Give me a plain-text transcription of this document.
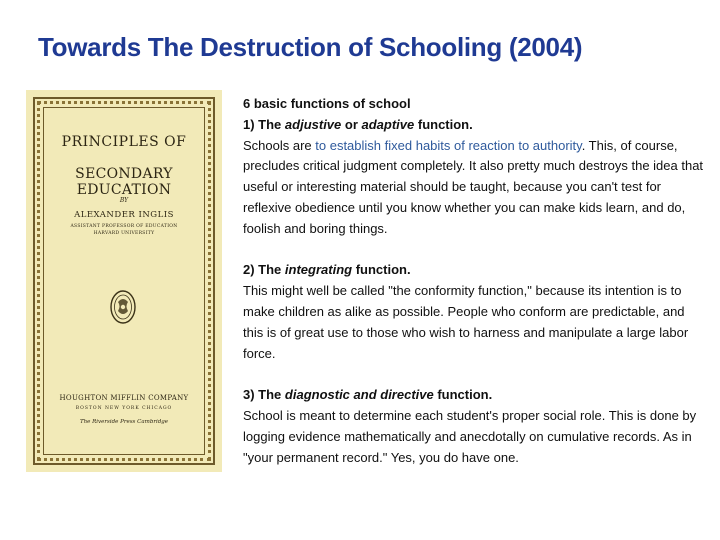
Towards The Destruction of Schooling (2004)
PRINCIPLES OF
SECONDARY EDUCATION
BY
ALEXANDER INGLIS
ASSISTANT PROFESSOR OF EDUCATION
HARVARD UNIVERSITY
HOUGHTON MIFFLIN COMPANY
BOSTON NEW YORK CHICAGO
The Riverside Press Cambridge

6 basic functions of school

1) The adjustive or adaptive function.

Schools are to establish fixed habits of reaction to authority. This, of course, precludes critical judgment completely. It also pretty much destroys the idea that useful or interesting material should be taught, because you can't test for reflexive obedience until you know whether you can make kids learn, and do, foolish and boring things.

2) The integrating function.

This might well be called "the conformity function," because its intention is to make children as alike as possible. People who conform are predictable, and this is of great use to those who wish to harness and manipulate a large labor force.

3) The diagnostic and directive function.

School is meant to determine each student's proper social role. This is done by logging evidence mathematically and anecdotally on cumulative records. As in "your permanent record." Yes, you do have one.
